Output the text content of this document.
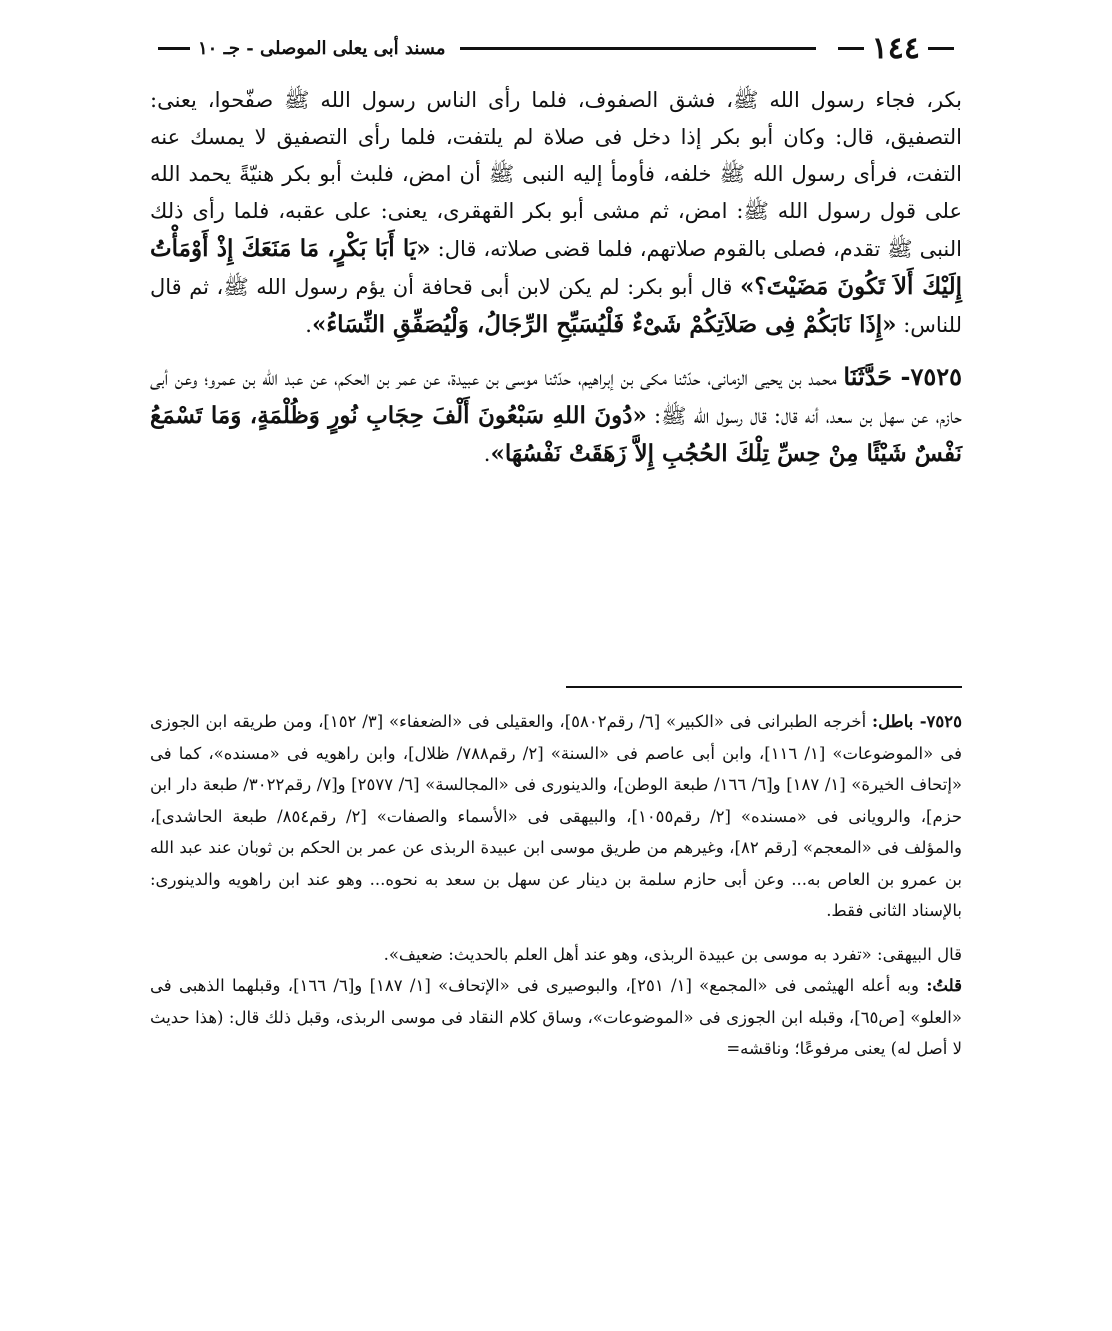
١٤٤
مسند أبى يعلى الموصلى - جـ ١٠

بكر، فجاء رسول الله ﷺ، فشق الصفوف، فلما رأى الناس رسول الله ﷺ صفّحوا، يعنى: التصفيق، قال: وكان أبو بكر إذا دخل فى صلاة لم يلتفت، فلما رأى التصفيق لا يمسك عنه التفت، فرأى رسول الله ﷺ خلفه، فأومأ إليه النبى ﷺ أن امض، فلبث أبو بكر هنيّةً يحمد الله على قول رسول الله ﷺ: امض، ثم مشى أبو بكر القهقرى، يعنى: على عقبه، فلما رأى ذلك النبى ﷺ تقدم، فصلى بالقوم صلاتهم، فلما قضى صلاته، قال: «يَا أَبَا بَكْرٍ، مَا مَنَعَكَ إِذْ أَوْمَأْتُ إِلَيْكَ أَلاَ تَكُونَ مَضَيْتَ؟» قال أبو بكر: لم يكن لابن أبى قحافة أن يؤم رسول الله ﷺ، ثم قال للناس: «إِذَا نَابَكُمْ فِى صَلاَتِكُمْ شَىْءٌ فَلْيُسَبِّحِ الرِّجَالُ، وَلْيُصَفِّقِ النِّسَاءُ».

٧٥٢٥- حَدَّثَنَا محمد بن يحيى الزمانى، حدّثنا مكى بن إبراهيم، حدّثنا موسى بن عبيدة، عن عمر بن الحكم، عن عبد الله بن عمرو؛ وعن أبى حازم، عن سهل بن سعد، أنه قال: قال رسول الله ﷺ: «دُونَ اللهِ سَبْعُونَ أَلْفَ حِجَابِ نُورٍ وَظُلْمَةٍ، وَمَا تَسْمَعُ نَفْسٌ شَيْئًا مِنْ حِسِّ تِلْكَ الحُجُبِ إِلاَّ زَهَقَتْ نَفْسُهَا».

٧٥٢٥- باطل: أخرجه الطبرانى فى «الكبير» [٦/ رقم٥٨٠٢]، والعقيلى فى «الضعفاء» [٣/ ١٥٢]، ومن طريقه ابن الجوزى فى «الموضوعات» [١/ ١١٦]، وابن أبى عاصم فى «السنة» [٢/ رقم٧٨٨/ ظلال]، وابن راهويه فى «مسنده»، كما فى «إتحاف الخيرة» [١/ ١٨٧] و[٦/ ١٦٦/ طبعة الوطن]، والدينورى فى «المجالسة» [٦/ ٢٥٧٧] و[٧/ رقم٣٠٢٢/ طبعة دار ابن حزم]، والرويانى فى «مسنده» [٢/ رقم١٠٥٥]، والبيهقى فى «الأسماء والصفات» [٢/ رقم٨٥٤/ طبعة الحاشدى]، والمؤلف فى «المعجم» [رقم ٨٢]، وغيرهم من طريق موسى ابن عبيدة الربذى عن عمر بن الحكم بن ثوبان عند عبد الله بن عمرو بن العاص به... وعن أبى حازم سلمة بن دينار عن سهل بن سعد به نحوه... وهو عند ابن راهويه والدينورى: بالإسناد الثانى فقط.

قال البيهقى: «تفرد به موسى بن عبيدة الربذى، وهو عند أهل العلم بالحديث: ضعيف».

قلتُ: وبه أعله الهيثمى فى «المجمع» [١/ ٢٥١]، والبوصيرى فى «الإتحاف» [١/ ١٨٧] و[٦/ ١٦٦]، وقبلهما الذهبى فى «العلو» [ص٦٥]، وقبله ابن الجوزى فى «الموضوعات»، وساق كلام النقاد فى موسى الربذى، وقبل ذلك قال: (هذا حديث لا أصل له) يعنى مرفوعًا؛ وناقشه=
